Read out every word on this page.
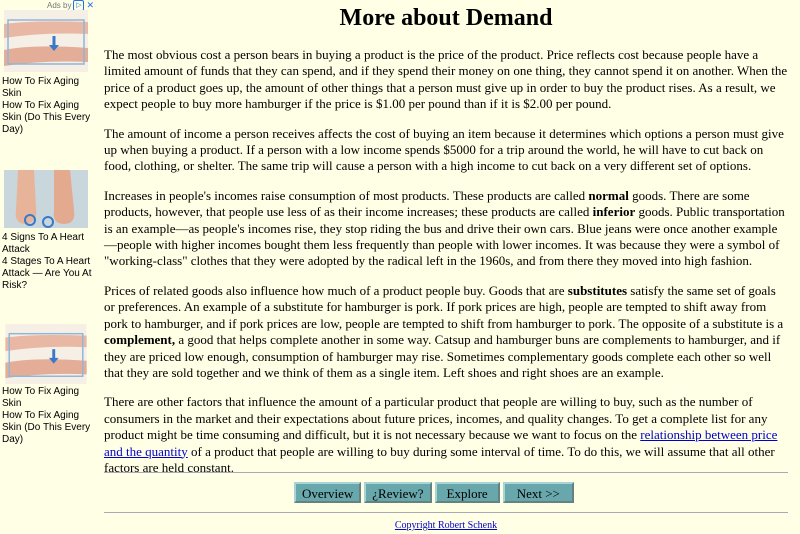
Ads by ▷ ✕
How To Fix Aging
Skin
How To Fix Aging
Skin (Do This Every
Day)
4 Signs To A Heart
Attack
4 Stages To A Heart
Attack — Are You At
Risk?
How To Fix Aging
Skin
How To Fix Aging
Skin (Do This Every
Day)
More about Demand

The most obvious cost a person bears in buying a product is the price of the product. Price reflects cost because people have a limited amount of funds that they can spend, and if they spend their money on one thing, they cannot spend it on another. When the price of a product goes up, the amount of other things that a person must give up in order to buy the product rises. As a result, we expect people to buy more hamburger if the price is $1.00 per pound than if it is $2.00 per pound.

The amount of income a person receives affects the cost of buying an item because it determines which options a person must give up when buying a product. If a person with a low income spends $5000 for a trip around the world, he will have to cut back on food, clothing, or shelter. The same trip will cause a person with a high income to cut back on a very different set of options.

Increases in people's incomes raise consumption of most products. These products are called normal goods. There are some products, however, that people use less of as their income increases; these products are called inferior goods. Public transportation is an example—as people's incomes rise, they stop riding the bus and drive their own cars. Blue jeans were once another example—people with higher incomes bought them less frequently than people with lower incomes. It was because they were a symbol of "working-class" clothes that they were adopted by the radical left in the 1960s, and from there they moved into high fashion.

Prices of related goods also influence how much of a product people buy. Goods that are substitutes satisfy the same set of goals or preferences. An example of a substitute for hamburger is pork. If pork prices are high, people are tempted to shift away from pork to hamburger, and if pork prices are low, people are tempted to shift from hamburger to pork. The opposite of a substitute is a complement, a good that helps complete another in some way. Catsup and hamburger buns are complements to hamburger, and if they are priced low enough, consumption of hamburger may rise. Sometimes complementary goods complete each other so well that they are sold together and we think of them as a single item. Left shoes and right shoes are an example.

There are other factors that influence the amount of a particular product that people are willing to buy, such as the number of consumers in the market and their expectations about future prices, incomes, and quality changes. To get a complete list for any product might be time consuming and difficult, but it is not necessary because we want to focus on the relationship between price and the quantity of a product that people are willing to buy during some interval of time. To do this, we will assume that all other factors are held constant.

Overview	¿Review?	Explore	Next >>
Copyright Robert Schenk
